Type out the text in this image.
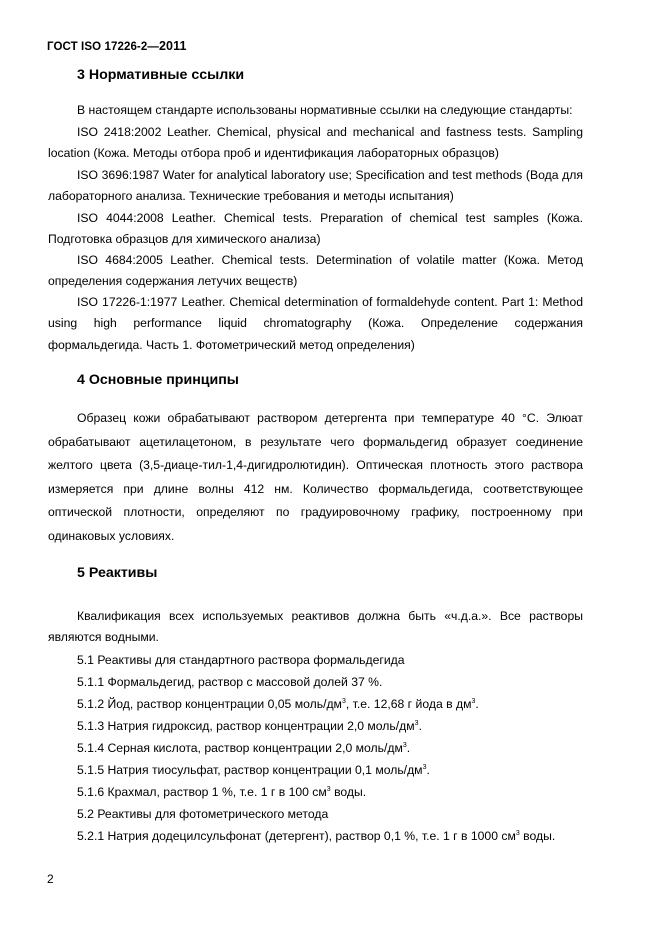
ГОСТ ISO 17226-2—2011
3 Нормативные ссылки
В настоящем стандарте использованы нормативные ссылки на следующие стандарты:
ISO 2418:2002 Leather. Chemical, physical and mechanical and fastness tests. Sampling location (Кожа. Методы отбора проб и идентификация лабораторных образцов)
ISO 3696:1987 Water for analytical laboratory use; Specification and test methods (Вода для лабораторного анализа. Технические требования и методы испытания)
ISO 4044:2008 Leather. Chemical tests. Preparation of chemical test samples (Кожа. Подготовка образцов для химического анализа)
ISO 4684:2005 Leather. Chemical tests. Determination of volatile matter (Кожа. Метод определения содержания летучих веществ)
ISO 17226-1:1977 Leather. Chemical determination of formaldehyde content. Part 1: Method using high performance liquid chromatography (Кожа. Определение содержания формальдегида. Часть 1. Фотометрический метод определения)
4 Основные принципы
Образец кожи обрабатывают раствором детергента при температуре 40 °С. Элюат обрабатывают ацетилацетоном, в результате чего формальдегид образует соединение желтого цвета (3,5-диаце-тил-1,4-дигидролютидин). Оптическая плотность этого раствора измеряется при длине волны 412 нм. Количество формальдегида, соответствующее оптической плотности, определяют по градуировочному графику, построенному при одинаковых условиях.
5 Реактивы
Квалификация всех используемых реактивов должна быть «ч.д.а.». Все растворы являются водными.
5.1 Реактивы для стандартного раствора формальдегида
5.1.1 Формальдегид, раствор с массовой долей 37 %.
5.1.2 Йод, раствор концентрации 0,05 моль/$дм^3$, т.е. 12,68 г йода в $дм^3$.
5.1.3 Натрия гидроксид, раствор концентрации 2,0 моль/$дм^3$.
5.1.4 Серная кислота, раствор концентрации 2,0 моль/$дм^3$.
5.1.5 Натрия тиосульфат, раствор концентрации 0,1 моль/$дм^3$.
5.1.6 Крахмал, раствор 1 %, т.е. 1 г в 100 $см^3$ воды.
5.2 Реактивы для фотометрического метода
5.2.1 Натрия додецилсульфонат (детергент), раствор 0,1 %, т.е. 1 г в 1000 $см^3$ воды.
2
